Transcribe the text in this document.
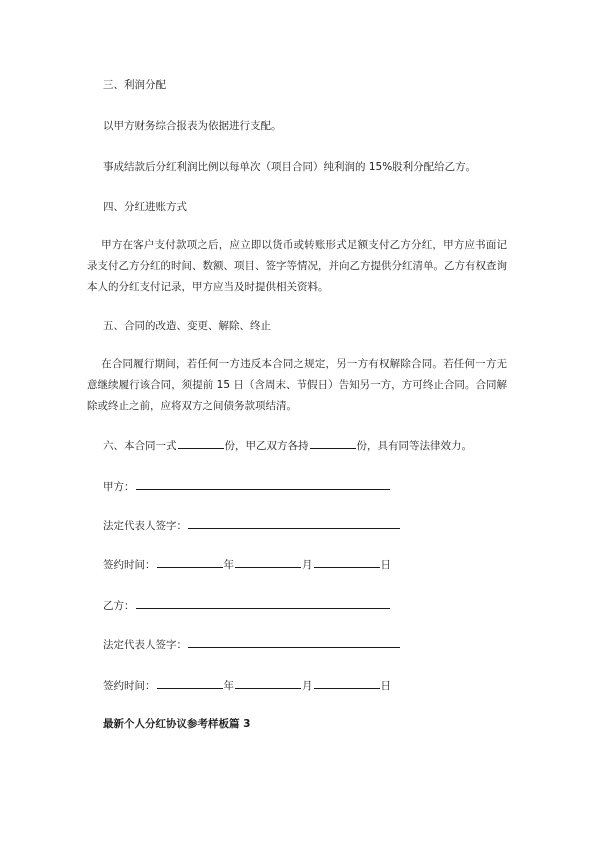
三、利润分配
以甲方财务综合报表为依据进行支配。
事成结款后分红利润比例以每单次（项目合同）纯利润的 15%股利分配给乙方。
四、分红进账方式
甲方在客户支付款项之后，应立即以货币或转账形式足额支付乙方分红，甲方应书面记录支付乙方分红的时间、数额、项目、签字等情况，并向乙方提供分红清单。乙方有权查询本人的分红支付记录，甲方应当及时提供相关资料。
五、合同的改造、变更、解除、终止
在合同履行期间，若任何一方违反本合同之规定，另一方有权解除合同。若任何一方无意继续履行该合同，须提前 15 日（含周末、节假日）告知另一方，方可终止合同。合同解除或终止之前，应将双方之间债务款项结清。
六、本合同一式	份，甲乙双方各持	份，具有同等法律效力。
甲方：
法定代表人签字：
签约时间：	年	月	日
乙方：
法定代表人签字：
签约时间：	年	月	日
最新个人分红协议参考样板篇 3
